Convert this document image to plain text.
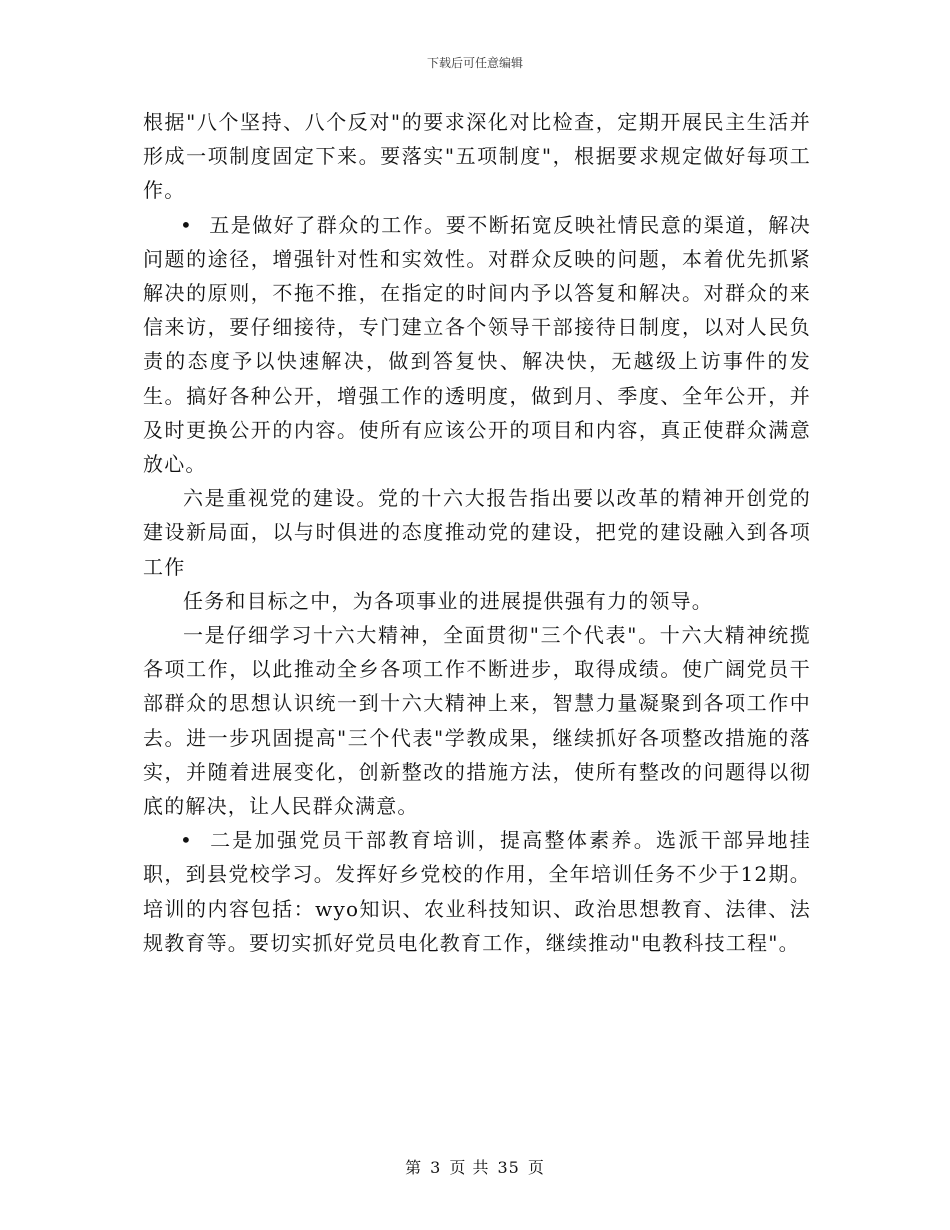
下载后可任意编辑

根据"八个坚持、八个反对"的要求深化对比检查，定期开展民主生活并形成一项制度固定下来。要落实"五项制度"，根据要求规定做好每项工作。

• 五是做好了群众的工作。要不断拓宽反映社情民意的渠道，解决问题的途径，增强针对性和实效性。对群众反映的问题，本着优先抓紧解决的原则，不拖不推，在指定的时间内予以答复和解决。对群众的来信来访，要仔细接待，专门建立各个领导干部接待日制度，以对人民负责的态度予以快速解决，做到答复快、解决快，无越级上访事件的发生。搞好各种公开，增强工作的透明度，做到月、季度、全年公开，并及时更换公开的内容。使所有应该公开的项目和内容，真正使群众满意放心。

六是重视党的建设。党的十六大报告指出要以改革的精神开创党的建设新局面，以与时俱进的态度推动党的建设，把党的建设融入到各项工作

任务和目标之中，为各项事业的进展提供强有力的领导。

一是仔细学习十六大精神，全面贯彻"三个代表"。十六大精神统揽各项工作，以此推动全乡各项工作不断进步，取得成绩。使广阔党员干部群众的思想认识统一到十六大精神上来，智慧力量凝聚到各项工作中去。进一步巩固提高"三个代表"学教成果，继续抓好各项整改措施的落实，并随着进展变化，创新整改的措施方法，使所有整改的问题得以彻底的解决，让人民群众满意。

• 二是加强党员干部教育培训，提高整体素养。选派干部异地挂职，到县党校学习。发挥好乡党校的作用，全年培训任务不少于12期。培训的内容包括：wyo知识、农业科技知识、政治思想教育、法律、法规教育等。要切实抓好党员电化教育工作，继续推动"电教科技工程"。

第 3 页 共 35 页
